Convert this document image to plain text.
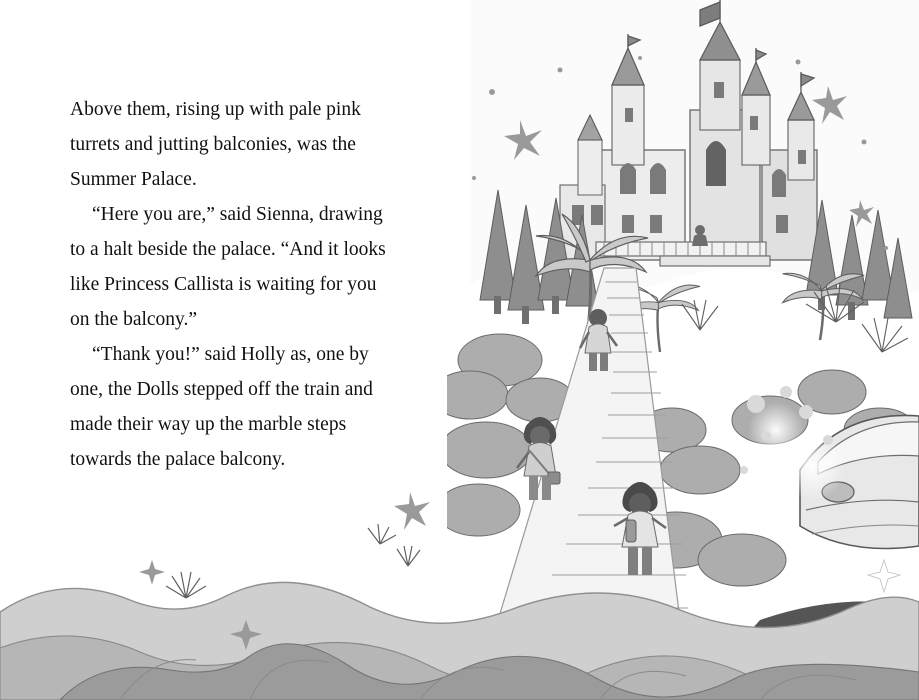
Above them, rising up with pale pink turrets and jutting balconies, was the Summer Palace.

“Here you are,” said Sienna, drawing to a halt beside the palace. “And it looks like Princess Callista is waiting for you on the balcony.”

“Thank you!” said Holly as, one by one, the Dolls stepped off the train and made their way up the marble steps towards the palace balcony.
